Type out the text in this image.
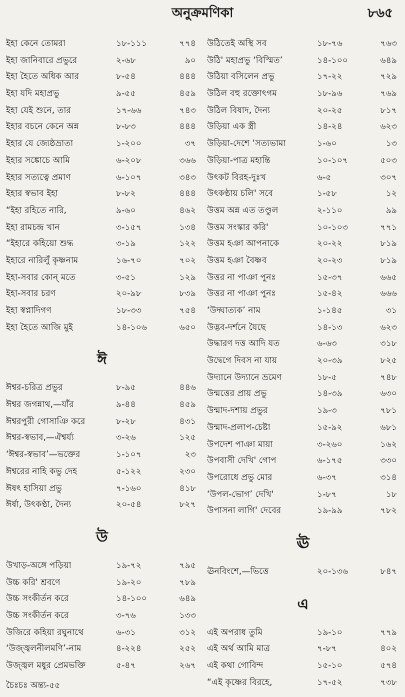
অনুক্রমণিকা	৮৬৫
ইহা কেনে তোমরা	১৮-১১১	৭৭৪
ইহা জানিবারে প্রভুরে	২-৬৮	৯০
ইহা হৈতে অধিক আর	৮-৫৪	৪৪৪
ইহা যদি মহাপ্রভু	৯-৫৫	৪৫৯
ইহা যেই শুনে, তার	১৭-৬৬	৭৪৩
ইহার বচনে কেনে অন্ন	৮-৮৩	৪৪৪
ইহার যে জ্যেষ্ঠভ্রাতা	১-২০০	৩৭
ইহার সঙ্কোচে আমি	৬-২০৮	৩৬৬
ইহার সত্যত্বে প্রমাণ	৬-১০৭	৩৪৩
ইহার স্বভাব ইহা	৮-৮২	৪৪৪
“ইহা রহিতে নারি,	৯-৬০	৪৬২
ইহা রামচন্দ্র খান	৩-১৫৭	১৩৪
“ইহারে কহিয়ো শুদ্ধ	৩-১৯	১২২
ইহারে নারিলুঁ কৃষ্ণনাম	১৬-৭০	৭০২
ইহা-সবার কোন্ মতে	৩-৫১	১২৯
ইহা-সবার চরণ	২০-৯৮	৮৩৯
ইহা স্বপ্নাদিগণ	১৮-৩৩	৭৫৪
ইহা হৈতে আজি মুই	১৪-১০৬	৬৫০
ঈ
ঈশ্বর-চরিত্র প্রভুর	৮-৯৫	৪৪৬
ঈশ্বর জগন্নাথ,—যাঁর	৯-৪৪	৪৫৯
ঈশ্বরপুরী গোসাঞি করে	৮-২৮	৪৩১
ঈশ্বর-স্বভাব,—ঐশ্বর্য্য	৩-২৬	১২৫
‘ঈশ্বর-স্বভাব’—ভক্তের	১-১০৭	২৩
ঈশ্বরের নাহি কভু দেহ	৫-১২২	২৩০
ঈষৎ হাসিয়া প্রভু	৭-১৬০	৪১৮
ঈর্ষা, উৎকণ্ঠা, দৈন্য	২০-৫৪	৮২৭
উ
উখাড়-অঙ্গে পড়িয়া	১৯-৭২	৭৯৫
উচ্চ করি' শ্রবণে	১৯-২০	৭৮৯
উচ্চ সংকীর্তন করে	১৪-১০০	৬৪৯
উচ্চ সংকীর্তন করে	৩-৭৬	১৩৩
উজিরে কহিয়া রঘুনাথে	৬-৩১	৩১২
‘উজ্জ্বলনীলমণি’-নাম	৪-২২৪	২৫২
উজ্জ্বল মধুর প্রেমভক্তি	৫-৪৭	২৬৭
উঠিতেই অস্থি সব	১৮-৭৬	৭৬৩
উঠি' মহাপ্রভু ‘বিস্মিত’	১৪-১০০	৬৪৯
উঠিয়া বসিলেন প্রভু	১৭-২২	৭২৯
উঠিল বহু রক্তোৎগম	১৮-৯৬	৭৬৯
উঠিল বিষাদ, দৈন্য	২০-২৫	৮১৭
উড়িয়া এক স্ত্রী	১৪-২৪	৬২৩
উড়িয়া-দেশে ‘সত্যভামা	১-৬০	১৩
উড়িয়া-পাত্র মহান্তি	১০-১০৭	৫০৩
উৎকট বিরহ-দুঃখ	৬-৫	৩০৭
উৎকণ্ঠায় চলি' সবে	১-৫৮	১২
উত্তম অন্ন এত তণ্ডুল	২-১১০	৯৯
উত্তম সংস্কার করি'	১০-১০৩	৭৭১
উত্তম হঞা আপনাকে	২০-২২	৮১৯
উত্তম হঞা বৈষ্ণব	২০-২৩	৮১৯
উত্তর না পাঞা পুনঃ	১৫-৩৭	৬৬৫
উত্তর না পাঞা পুনঃ	১৫-৪২	৬৬৬
‘উদ্ঘাত্যক’ নাম	১-১৪৫	৩১
উদ্ভব-দর্শনে যৈছে	১৪-১৩	৬২৩
উদ্ধারণ দত্ত আদি যত	৬-৬৩	৩১৮
উদ্বেগে দিবস না যায়	২০-৩৯	৮২৫
উদ্যানে উদ্যানে ভ্রমেণ	১৮-৫	৭৪৮
উন্মত্তের প্রায় প্রভু	১৪-৩৯	৬৩০
উন্মাদ-দশায় প্রভুর	১৯-৩	৭৮১
উন্মাদ-প্রলাপ-চেষ্টা	১৫-৯২	৬৮১
উপদেশ পাঞা মায়া	৩-২৬০	১৬২
উপবাসী দেখি' গোপ	৬-১৭৫	৩৩০
উপরোধে প্রভু মোর	৬-৩৭	৩১৪
‘উপল-ভোগ’ দেখি'	১-৮৭	১৮
উপাসনা লাগি' দেবের	১৯-৯৯	৭৮২
ঊ
ঊনবিংশে,—ভিত্তে	২০-১৩৬	৮৪৭
এ
এই অপরাধ তুমি	১৯-১০	৭৭৯
এই অর্থ আমি মাত্র	৭-৮৭	৪০২
এই কথা গোবিন্দ	১৫-১০	৫৭৪
“এই কৃষ্ণের বিরহে,	১৭-৫২	৭৩৮
চৈঃচঃ অন্ত্য-৫৫
